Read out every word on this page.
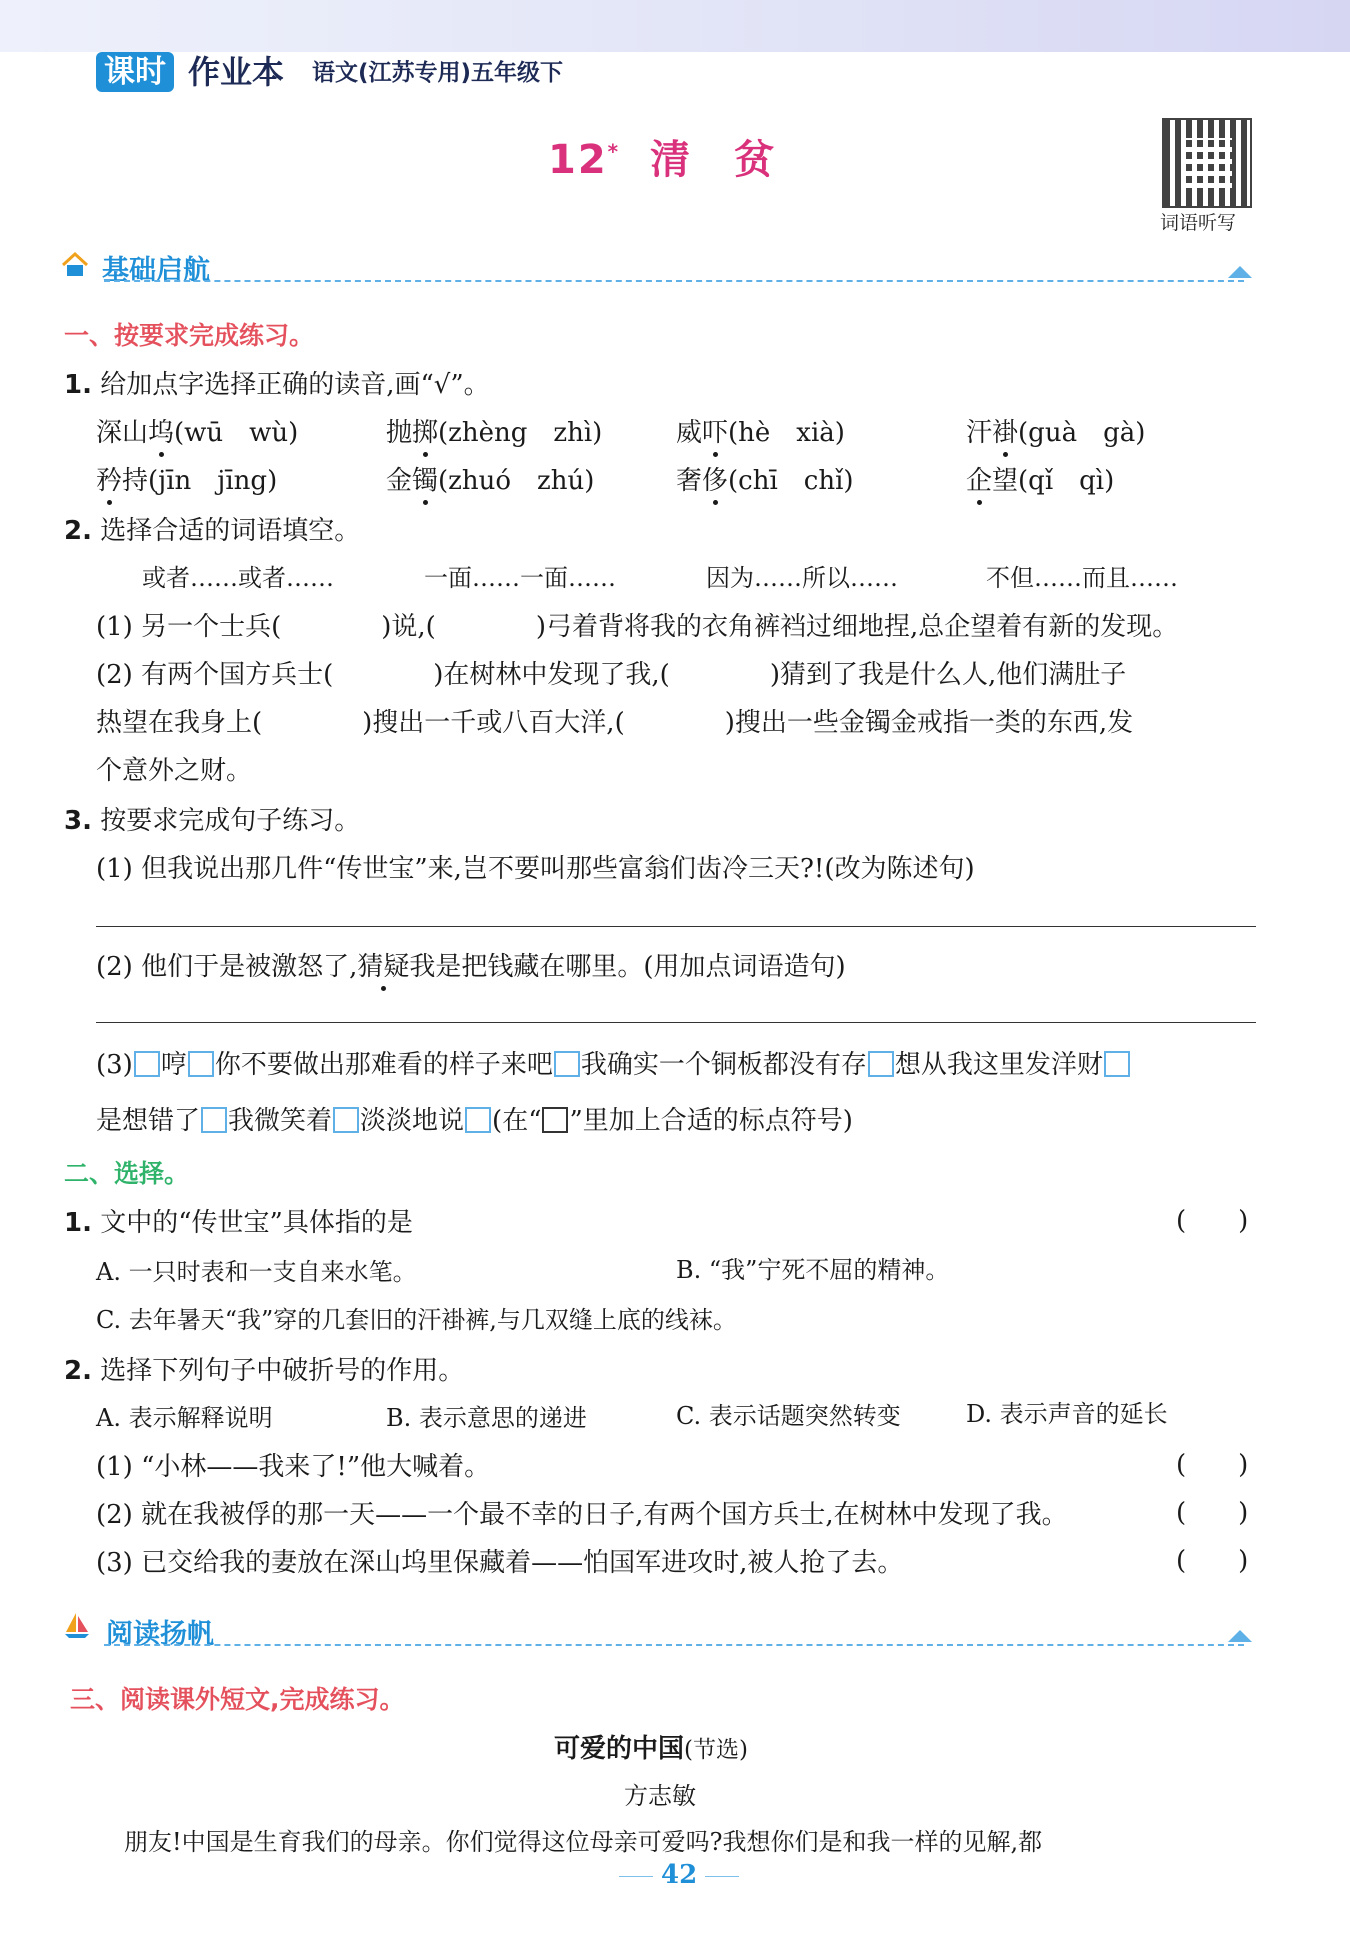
课时 作业本 语文(江苏专用)五年级下
12* 清　贫
词语听写
基础启航
一、按要求完成练习。
1. 给加点字选择正确的读音,画“√”。
深山坞(wū　wù)	抛掷(zhèng　zhì)	威吓(hè　xià)	汗褂(guà　gà)
矜持(jīn　jīng)	金镯(zhuó　zhú)	奢侈(chī　chǐ)	企望(qǐ　qì)
2. 选择合适的词语填空。
或者……或者……	一面……一面……	因为……所以……	不但……而且……
(1) 另一个士兵(	)说,(	)弓着背将我的衣角裤裆过细地捏,总企望着有新的发现。
(2) 有两个国方兵士(	)在树林中发现了我,(	)猜到了我是什么人,他们满肚子
热望在我身上(	)搜出一千或八百大洋,(	)搜出一些金镯金戒指一类的东西,发
个意外之财。
3. 按要求完成句子练习。
(1) 但我说出那几件“传世宝”来,岂不要叫那些富翁们齿冷三天?!(改为陈述句)
(2) 他们于是被激怒了,猜疑我是把钱藏在哪里。(用加点词语造句)
(3) 哼 你不要做出那难看的样子来吧 我确实一个铜板都没有存 想从我这里发洋财
是想错了 我微笑着 淡淡地说 (在“ ”里加上合适的标点符号)
二、选择。
1. 文中的“传世宝”具体指的是	(　　)
A. 一只时表和一支自来水笔。	B. “我”宁死不屈的精神。
C. 去年暑天“我”穿的几套旧的汗褂裤,与几双缝上底的线袜。
2. 选择下列句子中破折号的作用。
A. 表示解释说明	B. 表示意思的递进	C. 表示话题突然转变	D. 表示声音的延长
(1) “小林——我来了!”他大喊着。	(　　)
(2) 就在我被俘的那一天——一个最不幸的日子,有两个国方兵士,在树林中发现了我。	(　　)
(3) 已交给我的妻放在深山坞里保藏着——怕国军进攻时,被人抢了去。	(　　)
阅读扬帆
三、阅读课外短文,完成练习。
可爱的中国(节选)
方志敏
朋友!中国是生育我们的母亲。你们觉得这位母亲可爱吗?我想你们是和我一样的见解,都
42
